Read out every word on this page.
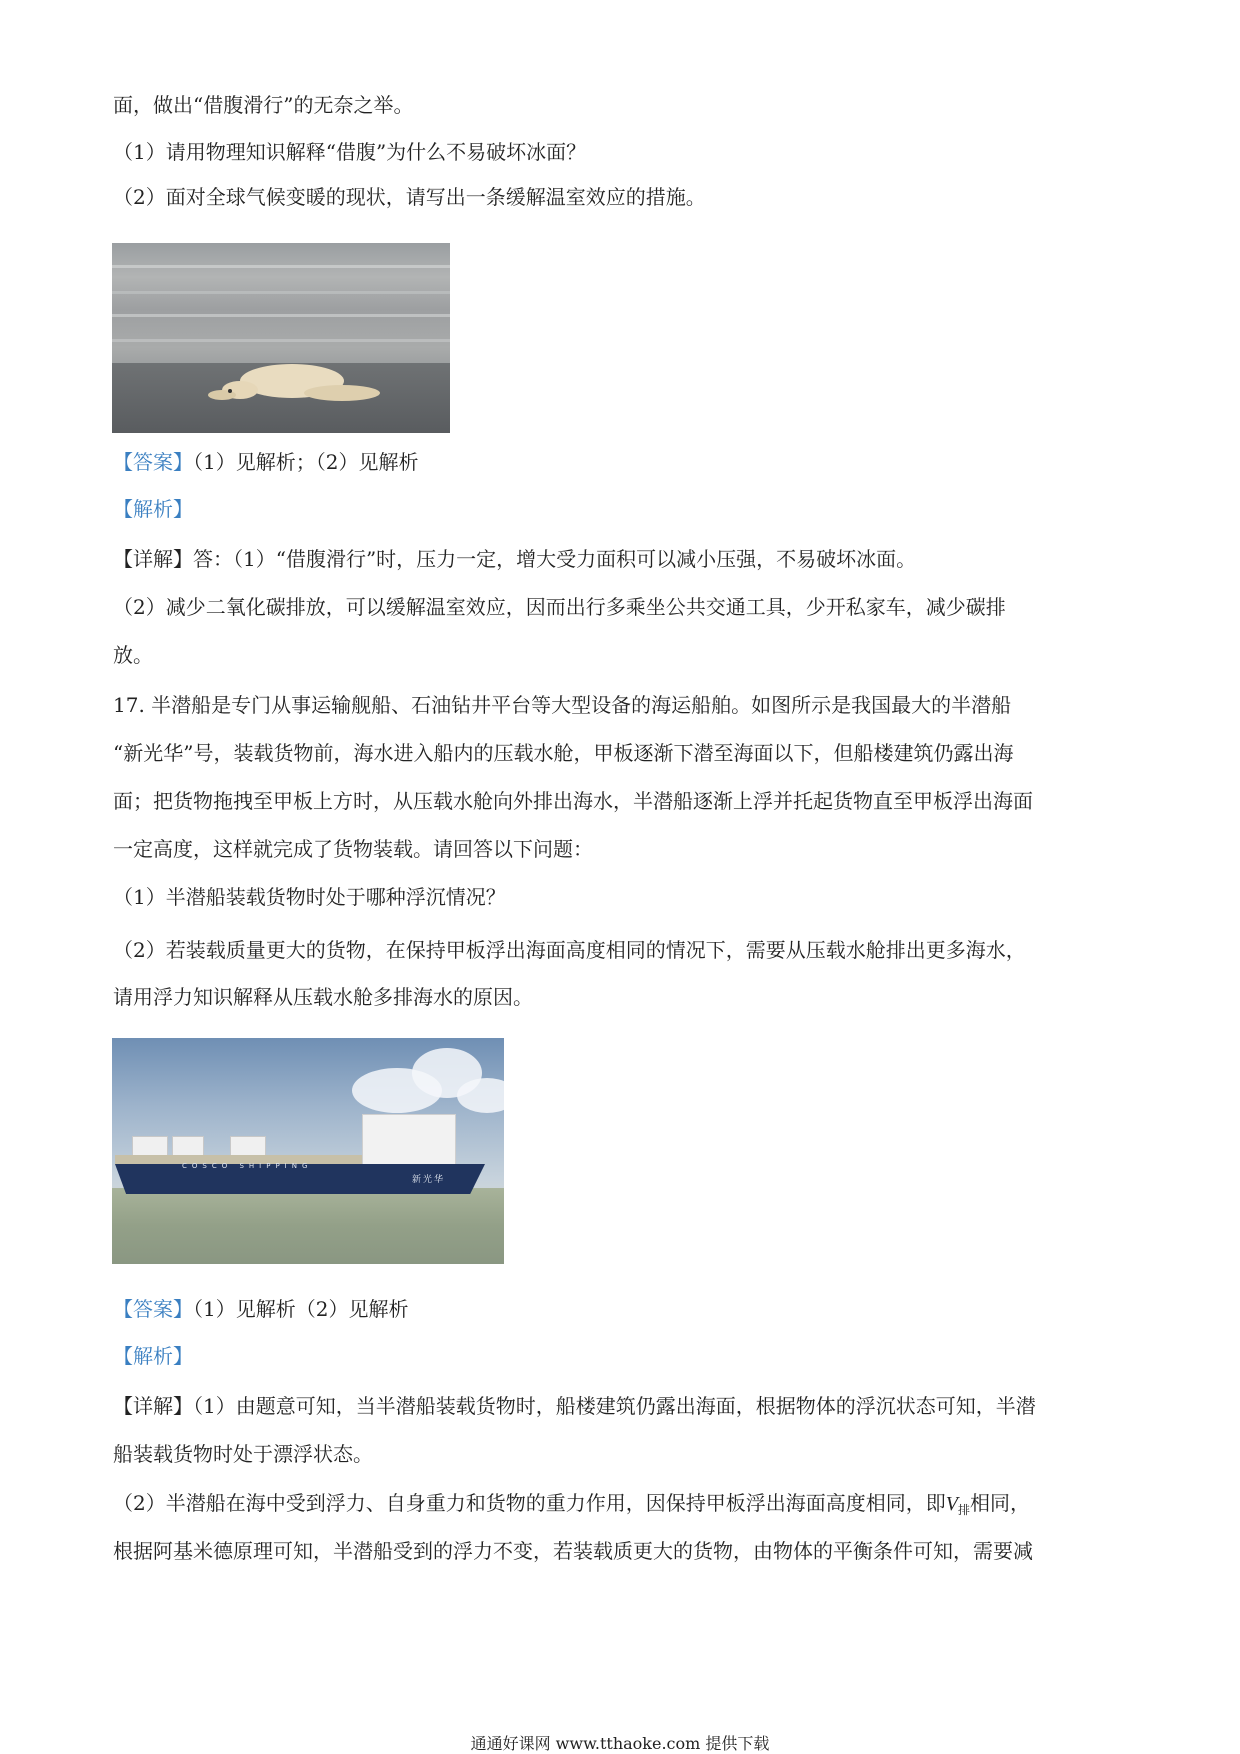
面，做出“借腹滑行”的无奈之举。
（1）请用物理知识解释“借腹”为什么不易破坏冰面？
（2）面对全球气候变暖的现状，请写出一条缓解温室效应的措施。
【答案】（1）见解析；（2）见解析
【解析】
【详解】答：（1）“借腹滑行”时，压力一定，增大受力面积可以减小压强，不易破坏冰面。
（2）减少二氧化碳排放，可以缓解温室效应，因而出行多乘坐公共交通工具，少开私家车，减少碳排
放。
17. 半潜船是专门从事运输舰船、石油钻井平台等大型设备的海运船舶。如图所示是我国最大的半潜船
“新光华”号，装载货物前，海水进入船内的压载水舱，甲板逐渐下潜至海面以下，但船楼建筑仍露出海
面；把货物拖拽至甲板上方时，从压载水舱向外排出海水，半潜船逐渐上浮并托起货物直至甲板浮出海面
一定高度，这样就完成了货物装载。请回答以下问题：
（1）半潜船装载货物时处于哪种浮沉情况？
（2）若装载质量更大的货物，在保持甲板浮出海面高度相同的情况下，需要从压载水舱排出更多海水，
请用浮力知识解释从压载水舱多排海水的原因。
COSCO SHIPPING
新光华
【答案】（1）见解析（2）见解析
【解析】
【详解】（1）由题意可知，当半潜船装载货物时，船楼建筑仍露出海面，根据物体的浮沉状态可知，半潜
船装载货物时处于漂浮状态。
（2）半潜船在海中受到浮力、自身重力和货物的重力作用，因保持甲板浮出海面高度相同，即$V_排$相同，
根据阿基米德原理可知，半潜船受到的浮力不变，若装载质更大的货物，由物体的平衡条件可知，需要减
通通好课网 www.tthaoke.com 提供下载
